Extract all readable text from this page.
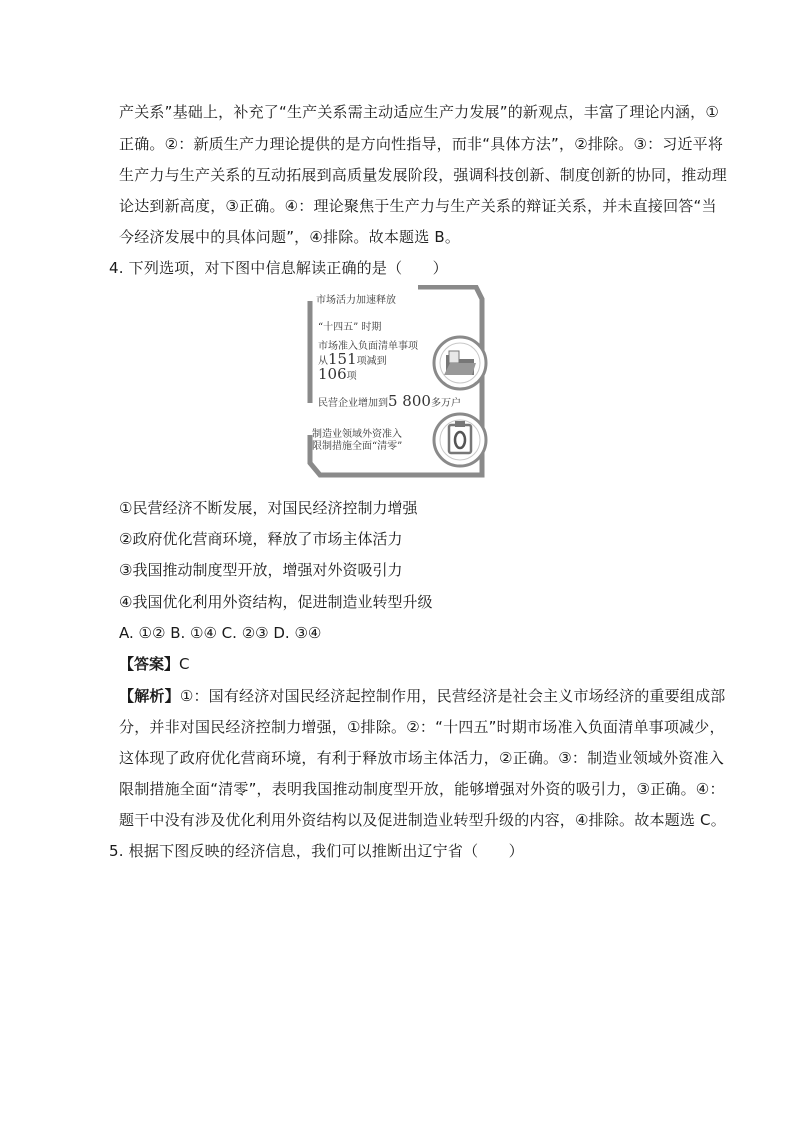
产关系”基础上，补充了“生产关系需主动适应生产力发展”的新观点，丰富了理论内涵，①
正确。②：新质生产力理论提供的是方向性指导，而非“具体方法”，②排除。③：习近平将
生产力与生产关系的互动拓展到高质量发展阶段，强调科技创新、制度创新的协同，推动理
论达到新高度，③正确。④：理论聚焦于生产力与生产关系的辩证关系，并未直接回答“当
今经济发展中的具体问题”，④排除。故本题选 B。
4. 下列选项，对下图中信息解读正确的是（　　）
市场活力加速释放
“十四五” 时期
市场准入负面清单事项
从151项减到
106项
民营企业增加到5 800多万户
制造业领域外资准入
限制措施全面“清零”
①民营经济不断发展，对国民经济控制力增强
②政府优化营商环境，释放了市场主体活力
③我国推动制度型开放，增强对外资吸引力
④我国优化利用外资结构，促进制造业转型升级
A. ①② B. ①④ C. ②③ D. ③④
【答案】C
【解析】①：国有经济对国民经济起控制作用，民营经济是社会主义市场经济的重要组成部
分，并非对国民经济控制力增强，①排除。②：“十四五”时期市场准入负面清单事项减少，
这体现了政府优化营商环境，有利于释放市场主体活力，②正确。③：制造业领域外资准入
限制措施全面“清零”，表明我国推动制度型开放，能够增强对外资的吸引力，③正确。④：
题干中没有涉及优化利用外资结构以及促进制造业转型升级的内容，④排除。故本题选 C。
5. 根据下图反映的经济信息，我们可以推断出辽宁省（　　）
